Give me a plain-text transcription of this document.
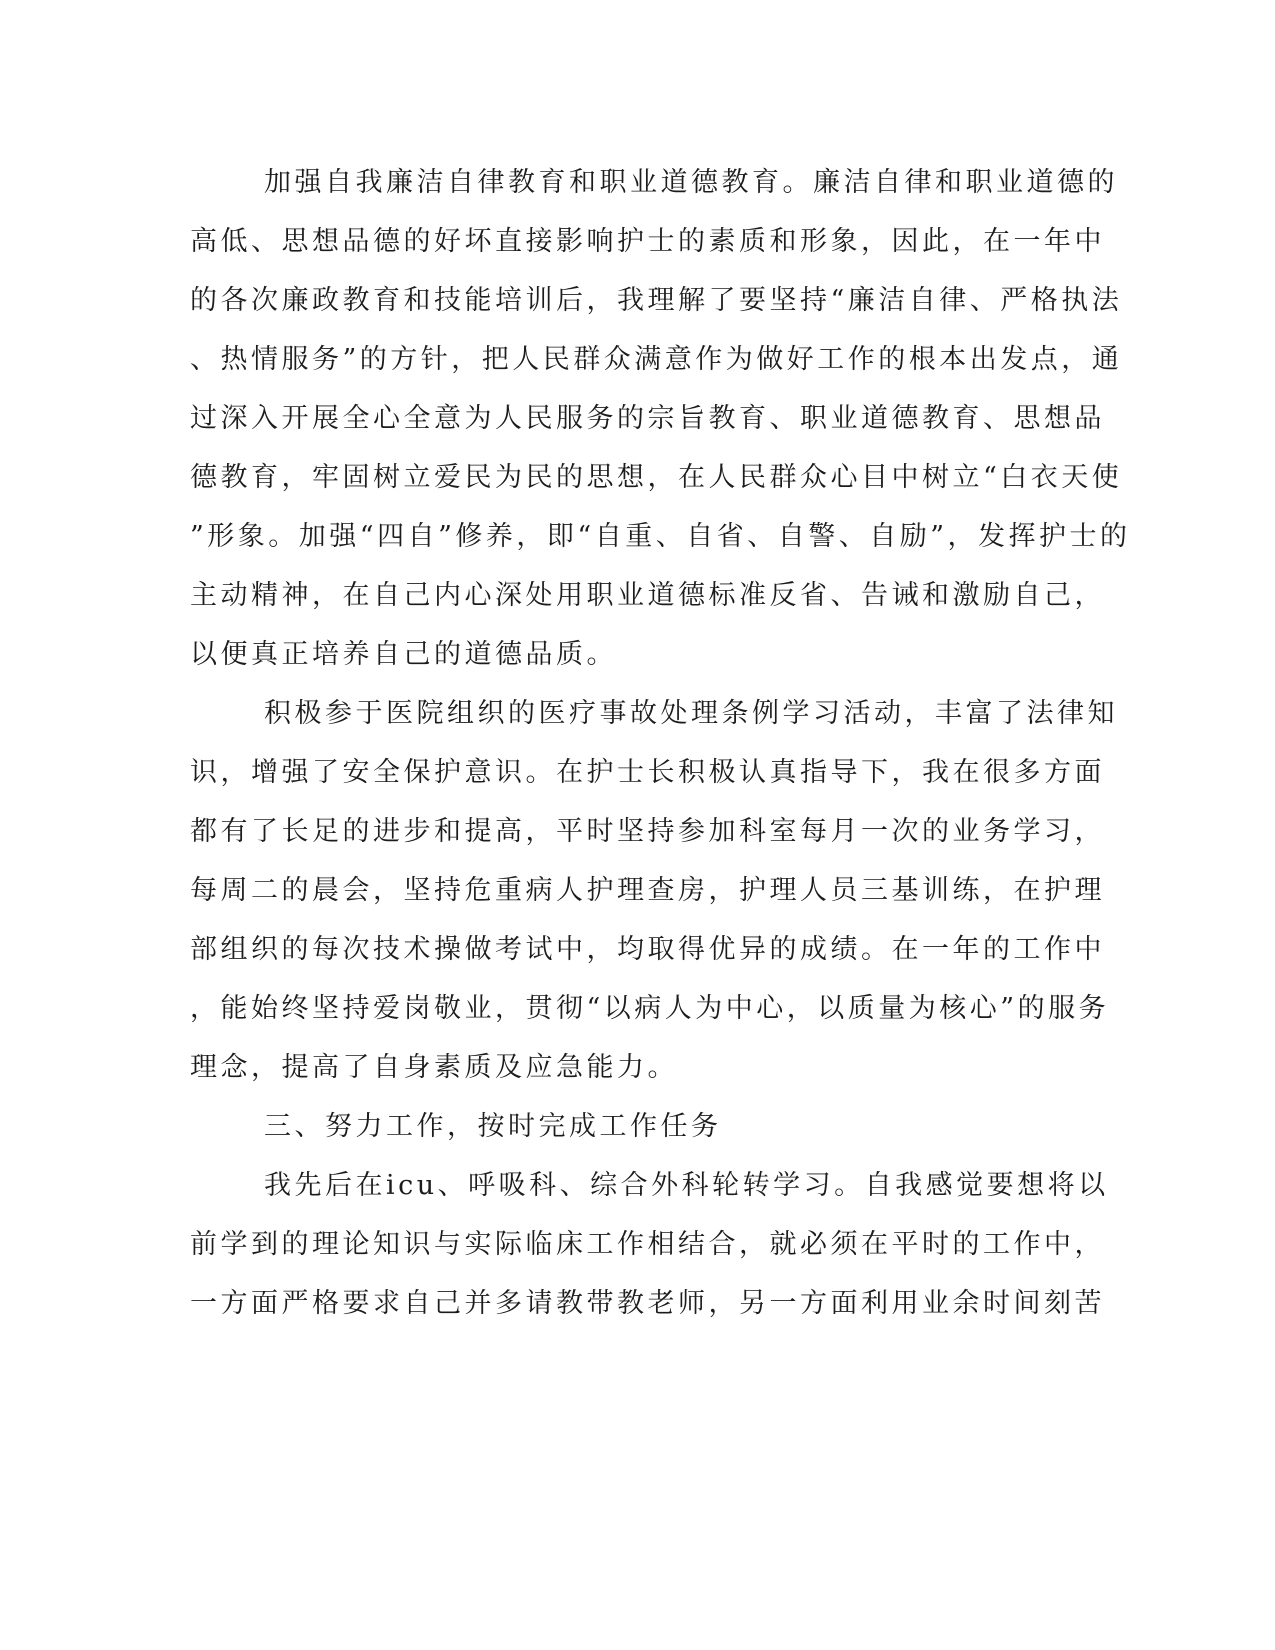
加强自我廉洁自律教育和职业道德教育。廉洁自律和职业道德的
高低、思想品德的好坏直接影响护士的素质和形象，因此，在一年中
的各次廉政教育和技能培训后，我理解了要坚持“廉洁自律、严格执法
、热情服务”的方针，把人民群众满意作为做好工作的根本出发点，通
过深入开展全心全意为人民服务的宗旨教育、职业道德教育、思想品
德教育，牢固树立爱民为民的思想，在人民群众心目中树立“白衣天使
”形象。加强“四自”修养，即“自重、自省、自警、自励”，发挥护士的
主动精神，在自己内心深处用职业道德标准反省、告诫和激励自己，
以便真正培养自己的道德品质。
积极参于医院组织的医疗事故处理条例学习活动，丰富了法律知
识，增强了安全保护意识。在护士长积极认真指导下，我在很多方面
都有了长足的进步和提高，平时坚持参加科室每月一次的业务学习，
每周二的晨会，坚持危重病人护理查房，护理人员三基训练，在护理
部组织的每次技术操做考试中，均取得优异的成绩。在一年的工作中
，能始终坚持爱岗敬业，贯彻“以病人为中心，以质量为核心”的服务
理念，提高了自身素质及应急能力。
三、努力工作，按时完成工作任务
我先后在icu、呼吸科、综合外科轮转学习。自我感觉要想将以
前学到的理论知识与实际临床工作相结合，就必须在平时的工作中，
一方面严格要求自己并多请教带教老师，另一方面利用业余时间刻苦
